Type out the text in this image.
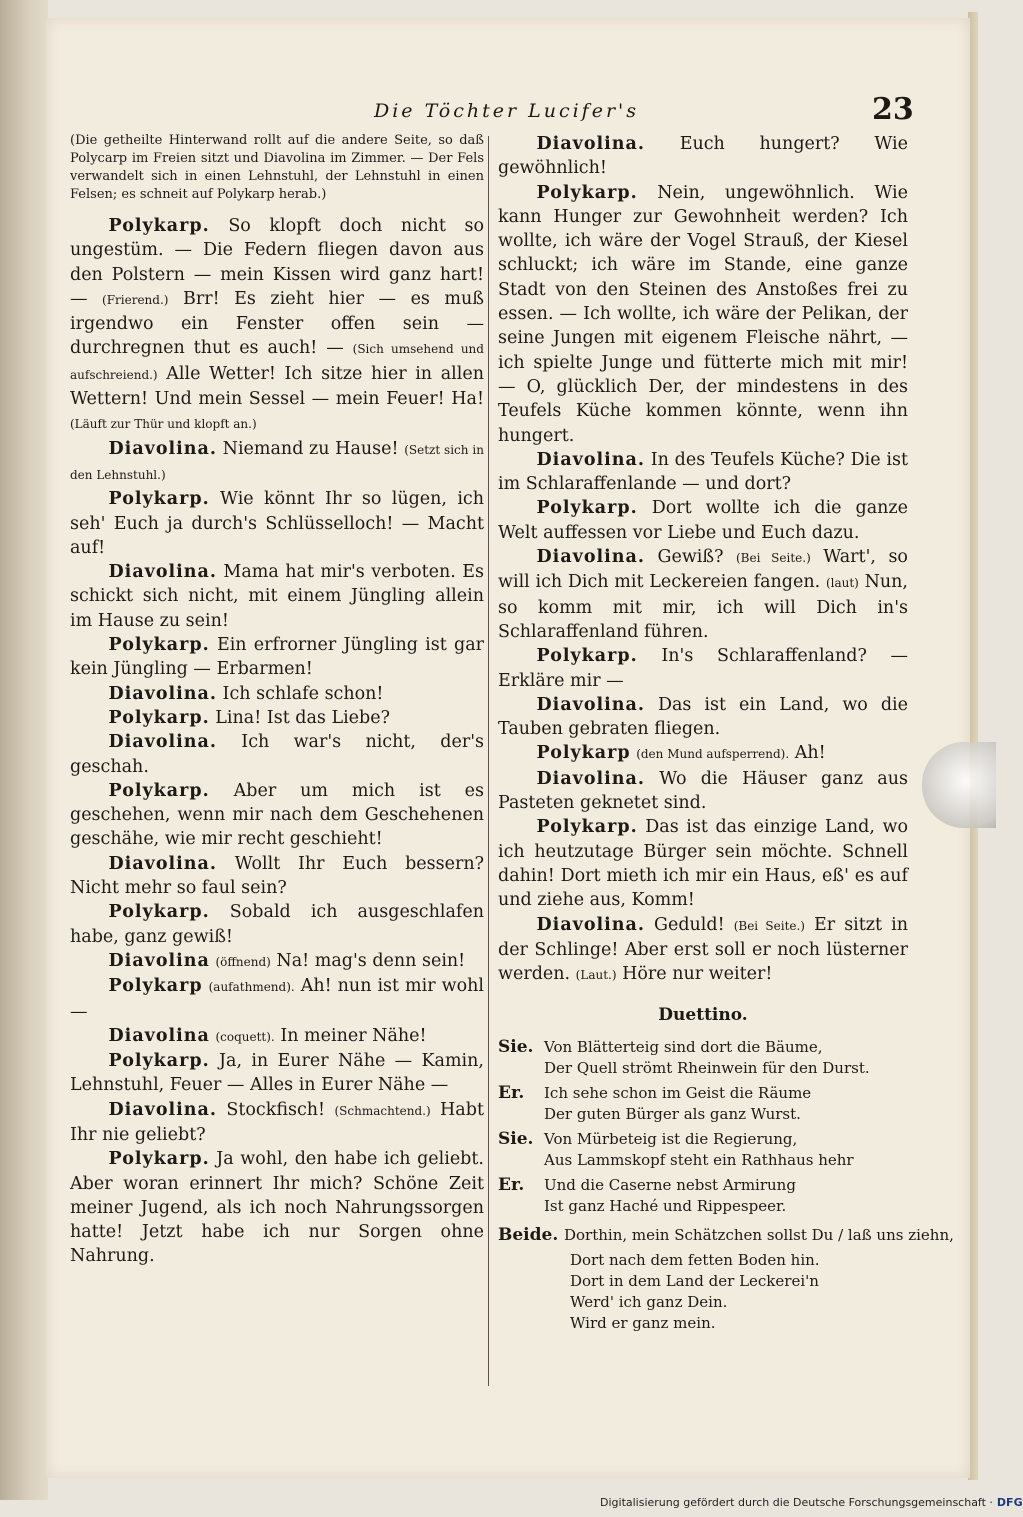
Die Töchter Lucifer's	23

(Die getheilte Hinterwand rollt auf die andere Seite, so daß Polycarp im Freien sitzt und Diavolina im Zimmer. — Der Fels verwandelt sich in einen Lehnstuhl, der Lehnstuhl in einen Felsen; es schneit auf Polykarp herab.)

Polykarp. So klopft doch nicht so ungestüm. — Die Federn fliegen davon aus den Polstern — mein Kissen wird ganz hart! — (Frierend.) Brr! Es zieht hier — es muß irgendwo ein Fenster offen sein — durchregnen thut es auch! — (Sich umsehend und aufschreiend.) Alle Wetter! Ich sitze hier in allen Wettern! Und mein Sessel — mein Feuer! Ha! (Läuft zur Thür und klopft an.)

Diavolina. Niemand zu Hause! (Setzt sich in den Lehnstuhl.)

Polykarp. Wie könnt Ihr so lügen, ich seh' Euch ja durch's Schlüsselloch! — Macht auf!

Diavolina. Mama hat mir's verboten. Es schickt sich nicht, mit einem Jüngling allein im Hause zu sein!

Polykarp. Ein erfrorner Jüngling ist gar kein Jüngling — Erbarmen!

Diavolina. Ich schlafe schon!

Polykarp. Lina! Ist das Liebe?

Diavolina. Ich war's nicht, der's geschah.

Polykarp. Aber um mich ist es geschehen, wenn mir nach dem Geschehenen geschähe, wie mir recht geschieht!

Diavolina. Wollt Ihr Euch bessern? Nicht mehr so faul sein?

Polykarp. Sobald ich ausgeschlafen habe, ganz gewiß!

Diavolina (öffnend) Na! mag's denn sein!

Polykarp (aufathmend). Ah! nun ist mir wohl —

Diavolina (coquett). In meiner Nähe!

Polykarp. Ja, in Eurer Nähe — Kamin, Lehnstuhl, Feuer — Alles in Eurer Nähe —

Diavolina. Stockfisch! (Schmachtend.) Habt Ihr nie geliebt?

Polykarp. Ja wohl, den habe ich geliebt. Aber woran erinnert Ihr mich? Schöne Zeit meiner Jugend, als ich noch Nahrungssorgen hatte! Jetzt habe ich nur Sorgen ohne Nahrung.

Diavolina. Euch hungert? Wie gewöhnlich!

Polykarp. Nein, ungewöhnlich. Wie kann Hunger zur Gewohnheit werden? Ich wollte, ich wäre der Vogel Strauß, der Kiesel schluckt; ich wäre im Stande, eine ganze Stadt von den Steinen des Anstoßes frei zu essen. — Ich wollte, ich wäre der Pelikan, der seine Jungen mit eigenem Fleische nährt, — ich spielte Junge und fütterte mich mit mir! — O, glücklich Der, der mindestens in des Teufels Küche kommen könnte, wenn ihn hungert.

Diavolina. In des Teufels Küche? Die ist im Schlaraffenlande — und dort?

Polykarp. Dort wollte ich die ganze Welt auffessen vor Liebe und Euch dazu.

Diavolina. Gewiß? (Bei Seite.) Wart', so will ich Dich mit Leckereien fangen. (laut) Nun, so komm mit mir, ich will Dich in's Schlaraffenland führen.

Polykarp. In's Schlaraffenland? — Erkläre mir —

Diavolina. Das ist ein Land, wo die Tauben gebraten fliegen.

Polykarp (den Mund aufsperrend). Ah!

Diavolina. Wo die Häuser ganz aus Pasteten geknetet sind.

Polykarp. Das ist das einzige Land, wo ich heutzutage Bürger sein möchte. Schnell dahin! Dort mieth ich mir ein Haus, eß' es auf und ziehe aus, Komm!

Diavolina. Geduld! (Bei Seite.) Er sitzt in der Schlinge! Aber erst soll er noch lüsterner werden. (Laut.) Höre nur weiter!

Duettino.
Sie. Von Blätterteig sind dort die Bäume,
Der Quell strömt Rheinwein für den Durst.
Er.	Ich sehe schon im Geist die Räume
Der guten Bürger als ganz Wurst.
Sie. Von Mürbeteig ist die Regierung,
Aus Lammskopf steht ein Rathhaus hehr
Er.	Und die Caserne nebst Armirung
Ist ganz Haché und Rippespeer.
Beide. Dorthin, mein Schätzchen sollst Du / laß uns ziehn,
Dort nach dem fetten Boden hin.
Dort in dem Land der Leckerei'n
Werd' ich ganz Dein.
Wird er ganz mein.
Digitalisierung gefördert durch die Deutsche Forschungsgemeinschaft · DFG
